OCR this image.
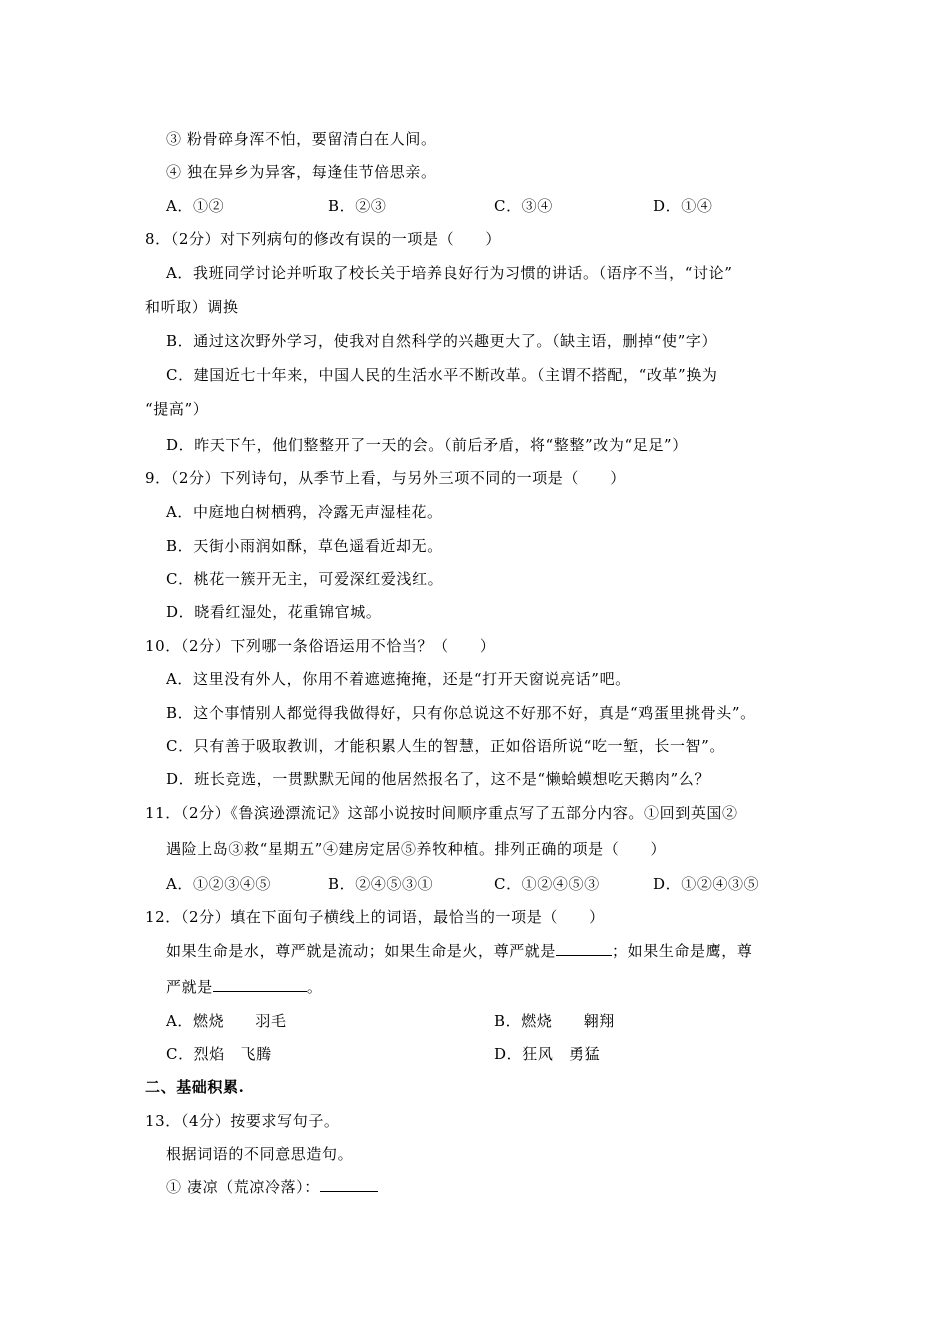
③ 粉骨碎身浑不怕，要留清白在人间。
④ 独在异乡为异客，每逢佳节倍思亲。
A．①②	B．②③	C．③④	D．①④
8．（2分）对下列病句的修改有误的一项是（　　）
A．我班同学讨论并听取了校长关于培养良好行为习惯的讲话。（语序不当，“讨论”
和听取）调换
B．通过这次野外学习，使我对自然科学的兴趣更大了。（缺主语，删掉“使”字）
C．建国近七十年来，中国人民的生活水平不断改革。（主谓不搭配，“改革”换为
“提高”）
D．昨天下午，他们整整开了一天的会。（前后矛盾，将“整整”改为“足足”）
9．（2分）下列诗句，从季节上看，与另外三项不同的一项是（　　）
A．中庭地白树栖鸦，冷露无声湿桂花。
B．天街小雨润如酥，草色遥看近却无。
C．桃花一簇开无主，可爱深红爱浅红。
D．晓看红湿处，花重锦官城。
10．（2分）下列哪一条俗语运用不恰当？（　　）
A．这里没有外人，你用不着遮遮掩掩，还是“打开天窗说亮话”吧。
B．这个事情别人都觉得我做得好，只有你总说这不好那不好，真是“鸡蛋里挑骨头”。
C．只有善于吸取教训，才能积累人生的智慧，正如俗语所说“吃一堑，长一智”。
D．班长竞选，一贯默默无闻的他居然报名了，这不是“懒蛤蟆想吃天鹅肉”么？
11．（2分）《鲁滨逊漂流记》这部小说按时间顺序重点写了五部分内容。①回到英国②
遇险上岛③救“星期五”④建房定居⑤养牧种植。排列正确的项是（　　）
A．①②③④⑤	B．②④⑤③①	C．①②④⑤③	D．①②④③⑤
12．（2分）填在下面句子横线上的词语，最恰当的一项是（　　）
如果生命是水，尊严就是流动；如果生命是火，尊严就是	；如果生命是鹰，尊
严就是	。
A．燃烧　　羽毛	B．燃烧　　翱翔
C．烈焰　飞腾	D．狂风　勇猛
二、基础积累.
13．（4分）按要求写句子。
根据词语的不同意思造句。
① 凄凉（荒凉冷落）：
